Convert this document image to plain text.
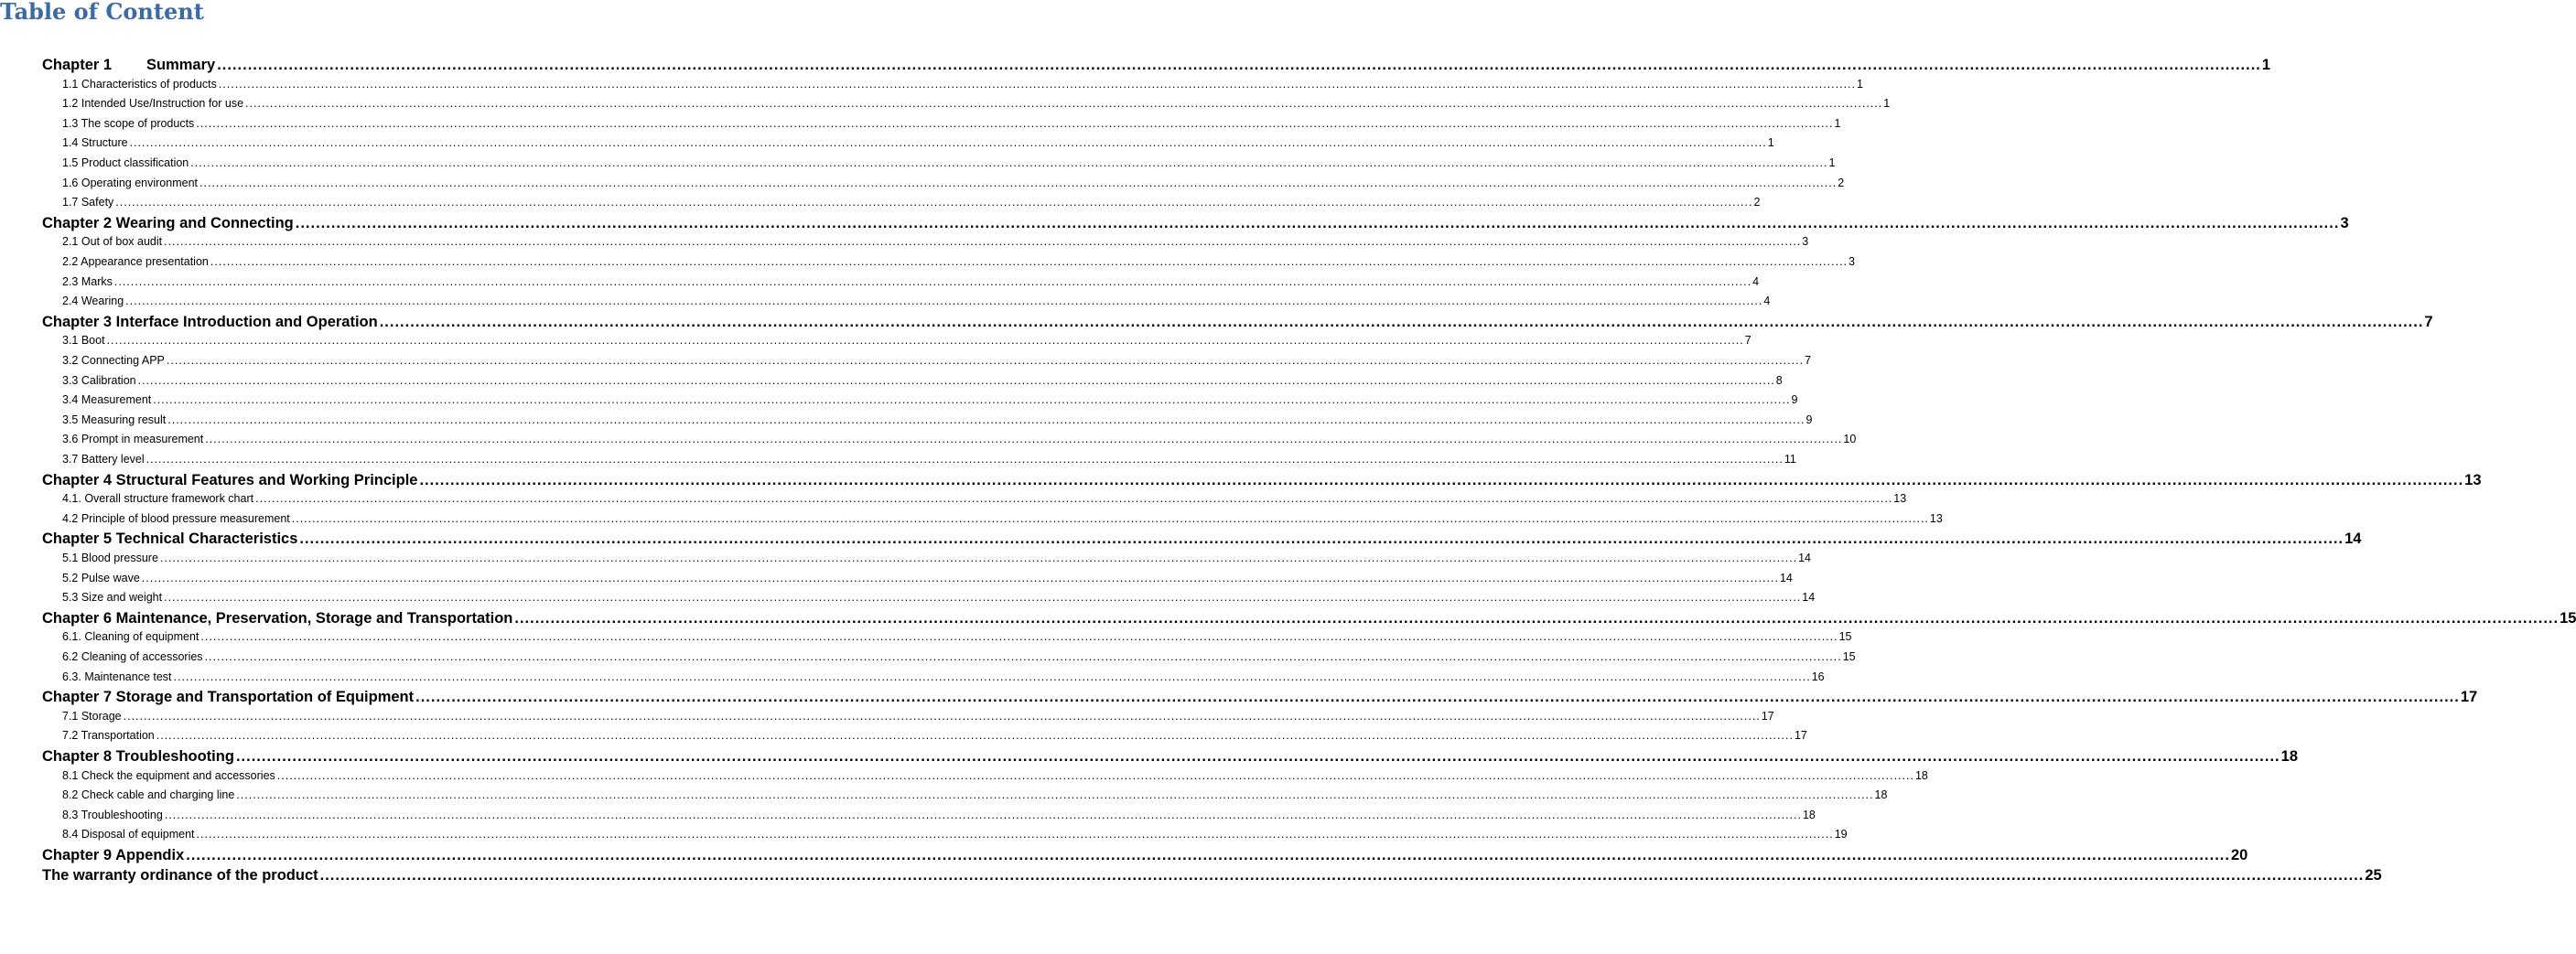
Table of Content
Chapter 1 Summary ................................................................................................................................................................................................................................................................................................................................................................................................................ 1
1.1 Characteristics of products ................................................................................................................................................................................................................................................................................................................................................................................................................ 1
1.2 Intended Use/Instruction for use ................................................................................................................................................................................................................................................................................................................................................................................................................ 1
1.3 The scope of products ................................................................................................................................................................................................................................................................................................................................................................................................................ 1
1.4 Structure ................................................................................................................................................................................................................................................................................................................................................................................................................ 1
1.5 Product classification ................................................................................................................................................................................................................................................................................................................................................................................................................ 1
1.6 Operating environment ................................................................................................................................................................................................................................................................................................................................................................................................................ 2
1.7 Safety ................................................................................................................................................................................................................................................................................................................................................................................................................ 2
Chapter 2 Wearing and Connecting ................................................................................................................................................................................................................................................................................................................................................................................................................ 3
2.1 Out of box audit ................................................................................................................................................................................................................................................................................................................................................................................................................ 3
2.2 Appearance presentation ................................................................................................................................................................................................................................................................................................................................................................................................................ 3
2.3 Marks ................................................................................................................................................................................................................................................................................................................................................................................................................ 4
2.4 Wearing ................................................................................................................................................................................................................................................................................................................................................................................................................ 4
Chapter 3 Interface Introduction and Operation ................................................................................................................................................................................................................................................................................................................................................................................................................ 7
3.1 Boot ................................................................................................................................................................................................................................................................................................................................................................................................................ 7
3.2 Connecting APP ................................................................................................................................................................................................................................................................................................................................................................................................................ 7
3.3 Calibration ................................................................................................................................................................................................................................................................................................................................................................................................................ 8
3.4 Measurement ................................................................................................................................................................................................................................................................................................................................................................................................................ 9
3.5 Measuring result ................................................................................................................................................................................................................................................................................................................................................................................................................ 9
3.6 Prompt in measurement ................................................................................................................................................................................................................................................................................................................................................................................................................ 10
3.7 Battery level ................................................................................................................................................................................................................................................................................................................................................................................................................ 11
Chapter 4 Structural Features and Working Principle ................................................................................................................................................................................................................................................................................................................................................................................................................ 13
4.1. Overall structure framework chart ................................................................................................................................................................................................................................................................................................................................................................................................................ 13
4.2 Principle of blood pressure measurement ................................................................................................................................................................................................................................................................................................................................................................................................................ 13
Chapter 5 Technical Characteristics ................................................................................................................................................................................................................................................................................................................................................................................................................ 14
5.1 Blood pressure ................................................................................................................................................................................................................................................................................................................................................................................................................ 14
5.2 Pulse wave ................................................................................................................................................................................................................................................................................................................................................................................................................ 14
5.3 Size and weight ................................................................................................................................................................................................................................................................................................................................................................................................................ 14
Chapter 6 Maintenance, Preservation, Storage and Transportation ................................................................................................................................................................................................................................................................................................................................................................................................................ 15
6.1. Cleaning of equipment ................................................................................................................................................................................................................................................................................................................................................................................................................ 15
6.2 Cleaning of accessories ................................................................................................................................................................................................................................................................................................................................................................................................................ 15
6.3. Maintenance test ................................................................................................................................................................................................................................................................................................................................................................................................................ 16
Chapter 7 Storage and Transportation of Equipment ................................................................................................................................................................................................................................................................................................................................................................................................................ 17
7.1 Storage ................................................................................................................................................................................................................................................................................................................................................................................................................ 17
7.2 Transportation ................................................................................................................................................................................................................................................................................................................................................................................................................ 17
Chapter 8 Troubleshooting ................................................................................................................................................................................................................................................................................................................................................................................................................ 18
8.1 Check the equipment and accessories ................................................................................................................................................................................................................................................................................................................................................................................................................ 18
8.2 Check cable and charging line ................................................................................................................................................................................................................................................................................................................................................................................................................ 18
8.3 Troubleshooting ................................................................................................................................................................................................................................................................................................................................................................................................................ 18
8.4 Disposal of equipment ................................................................................................................................................................................................................................................................................................................................................................................................................ 19
Chapter 9 Appendix ................................................................................................................................................................................................................................................................................................................................................................................................................ 20
The warranty ordinance of the product ................................................................................................................................................................................................................................................................................................................................................................................................................ 25
